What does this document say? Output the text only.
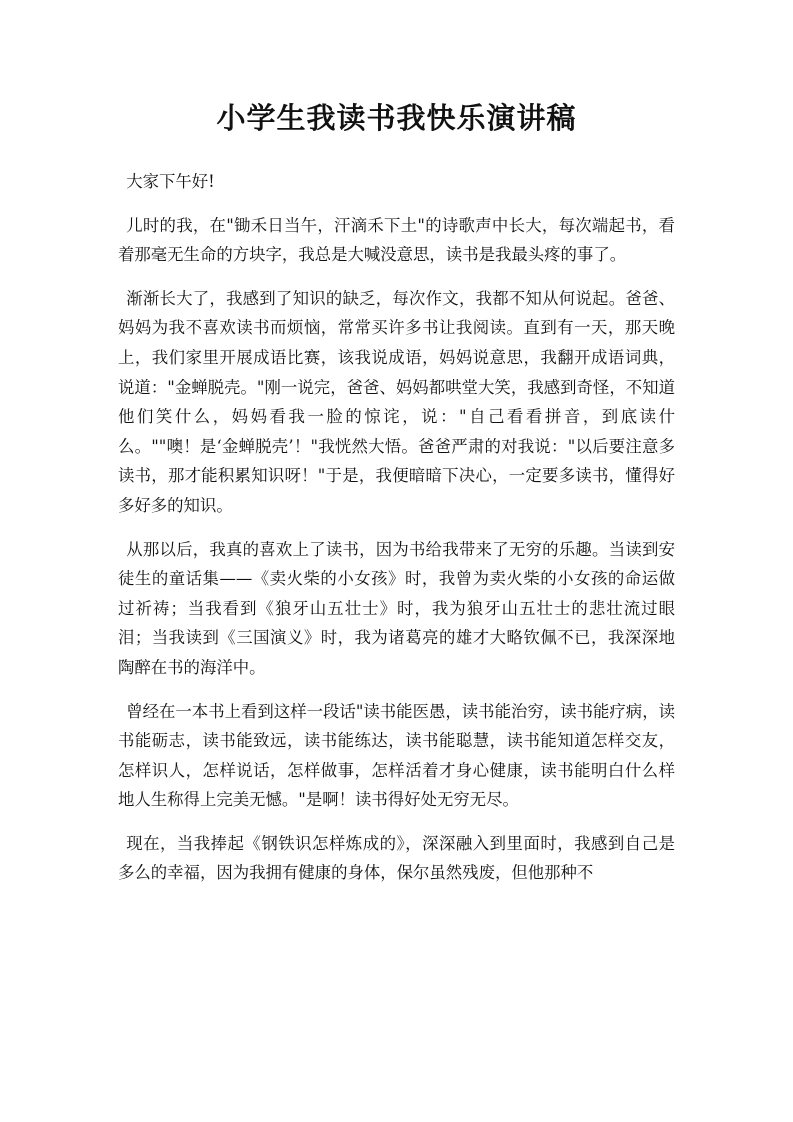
小学生我读书我快乐演讲稿

大家下午好!

儿时的我，在"锄禾日当午，汗滴禾下土"的诗歌声中长大，每次端起书，看着那毫无生命的方块字，我总是大喊没意思，读书是我最头疼的事了。

渐渐长大了，我感到了知识的缺乏，每次作文，我都不知从何说起。爸爸、妈妈为我不喜欢读书而烦恼，常常买许多书让我阅读。直到有一天，那天晚上，我们家里开展成语比赛，该我说成语，妈妈说意思，我翻开成语词典，说道："金蝉脱壳。"刚一说完，爸爸、妈妈都哄堂大笑，我感到奇怪，不知道他们笑什么，妈妈看我一脸的惊诧，说："自己看看拼音，到底读什么。""噢！是‘金蝉脱壳’！"我恍然大悟。爸爸严肃的对我说："以后要注意多读书，那才能积累知识呀！"于是，我便暗暗下决心，一定要多读书，懂得好多好多的知识。

从那以后，我真的喜欢上了读书，因为书给我带来了无穷的乐趣。当读到安徒生的童话集——《卖火柴的小女孩》时，我曾为卖火柴的小女孩的命运做过祈祷；当我看到《狼牙山五壮士》时，我为狼牙山五壮士的悲壮流过眼泪；当我读到《三国演义》时，我为诸葛亮的雄才大略钦佩不已，我深深地陶醉在书的海洋中。

曾经在一本书上看到这样一段话"读书能医愚，读书能治穷，读书能疗病，读书能砺志，读书能致远，读书能练达，读书能聪慧，读书能知道怎样交友，怎样识人，怎样说话，怎样做事，怎样活着才身心健康，读书能明白什么样地人生称得上完美无憾。"是啊！读书得好处无穷无尽。

现在，当我捧起《钢铁识怎样炼成的》，深深融入到里面时，我感到自己是多么的幸福，因为我拥有健康的身体，保尔虽然残废，但他那种不
